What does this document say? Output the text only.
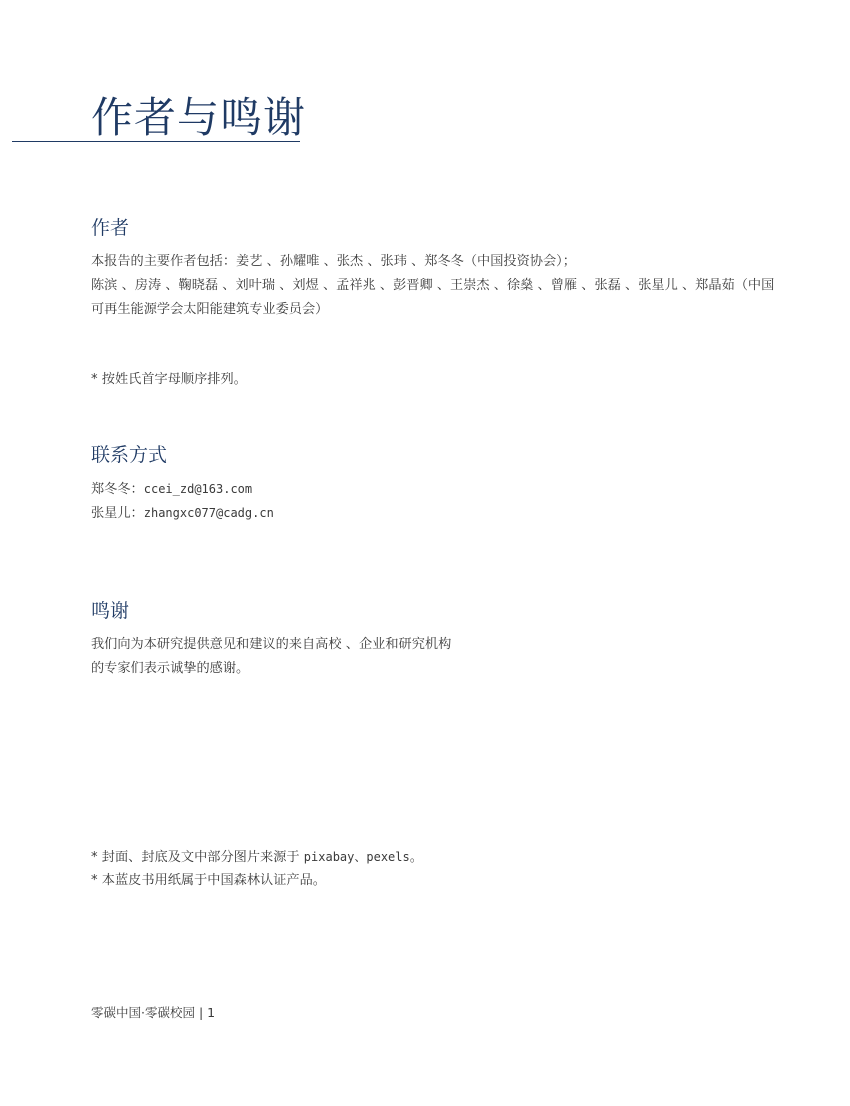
作者与鸣谢
作者

本报告的主要作者包括：姜艺 、孙耀唯 、张杰 、张玮 、郑冬冬（中国投资协会）；

陈滨 、房涛 、鞠晓磊 、刘叶瑞 、刘煜 、孟祥兆 、彭晋卿 、王崇杰 、徐燊 、曾雁 、张磊 、张星儿 、郑晶茹（中国

可再生能源学会太阳能建筑专业委员会）

* 按姓氏首字母顺序排列。

联系方式

郑冬冬：ccei_zd@163.com

张星儿：zhangxc077@cadg.cn

鸣谢

我们向为本研究提供意见和建议的来自高校 、企业和研究机构

的专家们表示诚挚的感谢。

* 封面、封底及文中部分图片来源于 pixabay、pexels。

* 本蓝皮书用纸属于中国森林认证产品。

零碳中国·零碳校园 | 1
